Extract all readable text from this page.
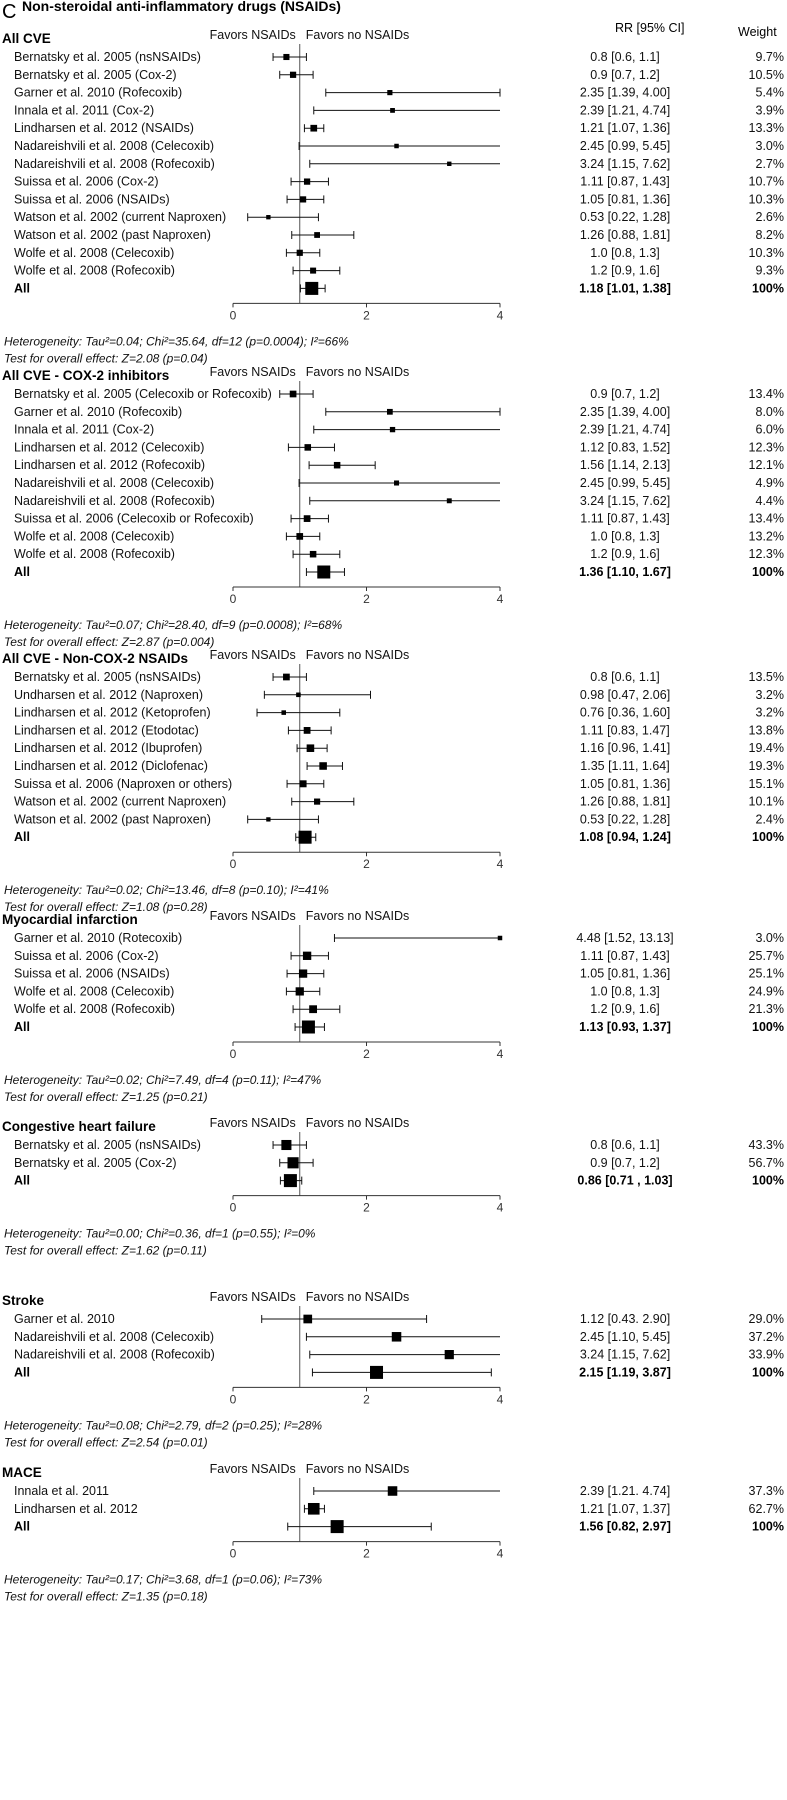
C Non-steroidal anti-inflammatory drugs (NSAIDs)
RR [95% CI]	Weight
All CVE	Favors NSAIDs Favors no NSAIDs
Bernatsky et al. 2005 (nsNSAIDs)	0.8 [0.6, 1.1]	9.7%
Bernatsky et al. 2005 (Cox-2)	0.9 [0.7, 1.2]	10.5%
Garner et al. 2010 (Rofecoxib)	2.35 [1.39, 4.00]	5.4%
Innala et al. 2011 (Cox-2)	2.39 [1.21, 4.74]	3.9%
Lindharsen et al. 2012 (NSAIDs)	1.21 [1.07, 1.36]	13.3%
Nadareishvili et al. 2008 (Celecoxib)	2.45 [0.99, 5.45]	3.0%
Nadareishvili et al. 2008 (Rofecoxib)	3.24 [1.15, 7.62]	2.7%
Suissa et al. 2006 (Cox-2)	1.11 [0.87, 1.43]	10.7%
Suissa et al. 2006 (NSAIDs)	1.05 [0.81, 1.36]	10.3%
Watson et al. 2002 (current Naproxen)	0.53 [0.22, 1.28]	2.6%
Watson et al. 2002 (past Naproxen)	1.26 [0.88, 1.81]	8.2%
Wolfe et al. 2008 (Celecoxib)	1.0 [0.8, 1.3]	10.3%
Wolfe et al. 2008 (Rofecoxib)	1.2 [0.9, 1.6]	9.3%
All	1.18 [1.01, 1.38]	100%
0	2	4
Heterogeneity: Tau²=0.04; Chi²=35.64, df=12 (p=0.0004); I²=66%
Test for overall effect: Z=2.08 (p=0.04)
All CVE - COX-2 inhibitors	Favors NSAIDs Favors no NSAIDs
Bernatsky et al. 2005 (Celecoxib or Rofecoxib)	0.9 [0.7, 1.2]	13.4%
Garner et al. 2010 (Rofecoxib)	2.35 [1.39, 4.00]	8.0%
Innala et al. 2011 (Cox-2)	2.39 [1.21, 4.74]	6.0%
Lindharsen et al. 2012 (Celecoxib)	1.12 [0.83, 1.52]	12.3%
Lindharsen et al. 2012 (Rofecoxib)	1.56 [1.14, 2.13]	12.1%
Nadareishvili et al. 2008 (Celecoxib)	2.45 [0.99, 5.45]	4.9%
Nadareishvili et al. 2008 (Rofecoxib)	3.24 [1.15, 7.62]	4.4%
Suissa et al. 2006 (Celecoxib or Rofecoxib)	1.11 [0.87, 1.43]	13.4%
Wolfe et al. 2008 (Celecoxib)	1.0 [0.8, 1.3]	13.2%
Wolfe et al. 2008 (Rofecoxib)	1.2 [0.9, 1.6]	12.3%
All	1.36 [1.10, 1.67]	100%
0	2	4
Heterogeneity: Tau²=0.07; Chi²=28.40, df=9 (p=0.0008); I²=68%
Test for overall effect: Z=2.87 (p=0.004)
All CVE - Non-COX-2 NSAIDs Favors NSAIDs Favors no NSAIDs
Bernatsky et al. 2005 (nsNSAIDs)	0.8 [0.6, 1.1]	13.5%
Undharsen et al. 2012 (Naproxen)	0.98 [0.47, 2.06]	3.2%
Lindharsen et al. 2012 (Ketoprofen)	0.76 [0.36, 1.60]	3.2%
Lindharsen et al. 2012 (Etodotac)	1.11 [0.83, 1.47]	13.8%
Lindharsen et al. 2012 (Ibuprofen)	1.16 [0.96, 1.41]	19.4%
Lindharsen et al. 2012 (Diclofenac)	1.35 [1.11, 1.64]	19.3%
Suissa et al. 2006 (Naproxen or others)	1.05 [0.81, 1.36]	15.1%
Watson et al. 2002 (current Naproxen)	1.26 [0.88, 1.81]	10.1%
Watson et al. 2002 (past Naproxen)	0.53 [0.22, 1.28]	2.4%
All	1.08 [0.94, 1.24]	100%
0	2	4
Heterogeneity: Tau²=0.02; Chi²=13.46, df=8 (p=0.10); I²=41%
Test for overall effect: Z=1.08 (p=0.28)
Myocardial infarction	Favors NSAIDs Favors no NSAIDs
Garner et al. 2010 (Rotecoxib)	4.48 [1.52, 13.13]	3.0%
Suissa et al. 2006 (Cox-2)	1.11 [0.87, 1.43]	25.7%
Suissa et al. 2006 (NSAIDs)	1.05 [0.81, 1.36]	25.1%
Wolfe et al. 2008 (Celecoxib)	1.0 [0.8, 1.3]	24.9%
Wolfe et al. 2008 (Rofecoxib)	1.2 [0.9, 1.6]	21.3%
All	1.13 [0.93, 1.37]	100%
0	2	4
Heterogeneity: Tau²=0.02; Chi²=7.49, df=4 (p=0.11); I²=47%
Test for overall effect: Z=1.25 (p=0.21)
Congestive heart failure	Favors NSAIDs Favors no NSAIDs
Bernatsky et al. 2005 (nsNSAIDs)	0.8 [0.6, 1.1]	43.3%
Bernatsky et al. 2005 (Cox-2)	0.9 [0.7, 1.2]	56.7%
All	0.86 [0.71 , 1.03]	100%
0	2	4
Heterogeneity: Tau²=0.00; Chi²=0.36, df=1 (p=0.55); I²=0%
Test for overall effect: Z=1.62 (p=0.11)
Stroke	Favors NSAIDs Favors no NSAIDs
Garner et al. 2010	1.12 [0.43. 2.90]	29.0%
Nadareishvili et al. 2008 (Celecoxib)	2.45 [1.10, 5.45]	37.2%
Nadareishvili et al. 2008 (Rofecoxib)	3.24 [1.15, 7.62]	33.9%
All	2.15 [1.19, 3.87]	100%
0	2	4
Heterogeneity: Tau²=0.08; Chi²=2.79, df=2 (p=0.25); I²=28%
Test for overall effect: Z=2.54 (p=0.01)
MACE	Favors NSAIDs Favors no NSAIDs
Innala et al. 2011	2.39 [1.21. 4.74]	37.3%
Lindharsen et al. 2012	1.21 [1.07, 1.37]	62.7%
All	1.56 [0.82, 2.97]	100%
0	2	4
Heterogeneity: Tau²=0.17; Chi²=3.68, df=1 (p=0.06); I²=73%
Test for overall effect: Z=1.35 (p=0.18)
